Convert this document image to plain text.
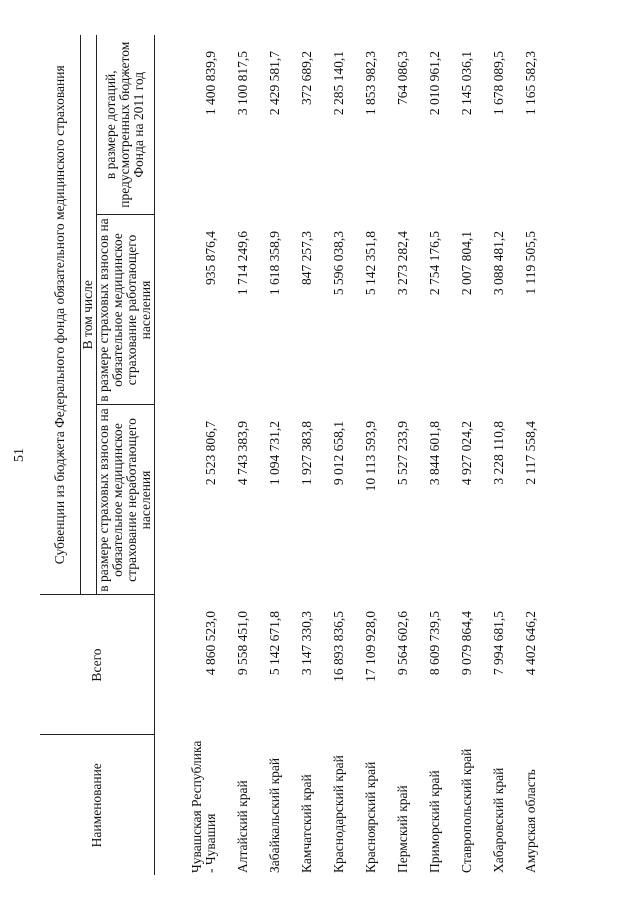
51
Наименование	Всего	Субвенции из бюджета Федерального фонда обязательного медицинского страхования		
		В том числе		
		в размере страховых взносов на обязательное медицинское страхование неработающего населения	в размере страховых взносов на обязательное медицинское страхование работающего населения	в размере дотаций, предусмотренных бюджетом Фонда на 2011 год
Чувашская Республика - Чувашия	4 860 523,0	2 523 806,7	935 876,4	1 400 839,9
Алтайский край	9 558 451,0	4 743 383,9	1 714 249,6	3 100 817,5
Забайкальский край	5 142 671,8	1 094 731,2	1 618 358,9	2 429 581,7
Камчатский край	3 147 330,3	1 927 383,8	847 257,3	372 689,2
Краснодарский край	16 893 836,5	9 012 658,1	5 596 038,3	2 285 140,1
Красноярский край	17 109 928,0	10 113 593,9	5 142 351,8	1 853 982,3
Пермский край	9 564 602,6	5 527 233,9	3 273 282,4	764 086,3
Приморский край	8 609 739,5	3 844 601,8	2 754 176,5	2 010 961,2
Ставропольский край	9 079 864,4	4 927 024,2	2 007 804,1	2 145 036,1
Хабаровский край	7 994 681,5	3 228 110,8	3 088 481,2	1 678 089,5
Амурская область	4 402 646,2	2 117 558,4	1 119 505,5	1 165 582,3
